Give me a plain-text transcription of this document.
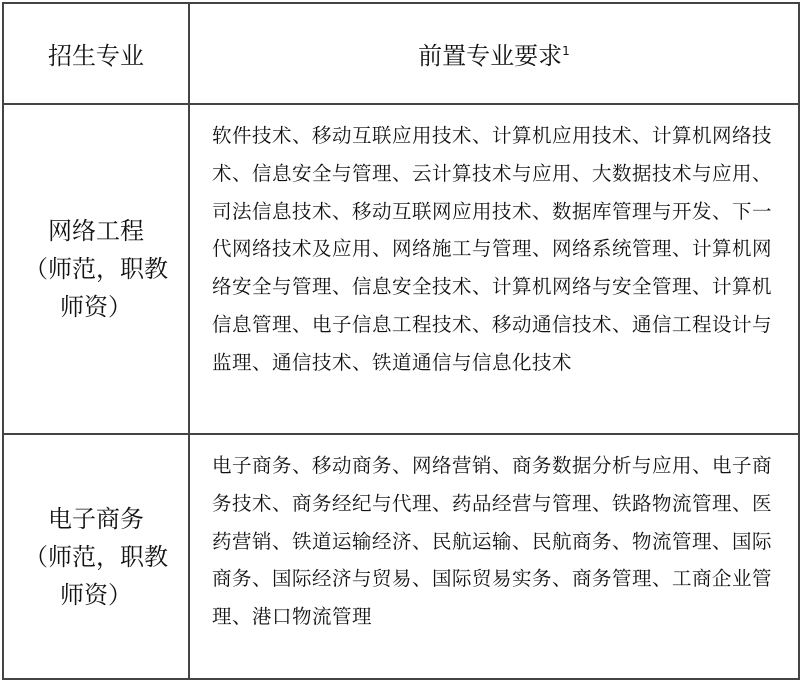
招生专业	前置专业要求$^1$

网络工程
（师范，职教
师资）	软件技术、移动互联应用技术、计算机应用技术、计算机网络技术、信息安全与管理、云计算技术与应用、大数据技术与应用、司法信息技术、移动互联网应用技术、数据库管理与开发、下一代网络技术及应用、网络施工与管理、网络系统管理、计算机网络安全与管理、信息安全技术、计算机网络与安全管理、计算机信息管理、电子信息工程技术、移动通信技术、通信工程设计与监理、通信技术、铁道通信与信息化技术

电子商务
（师范，职教
师资）	电子商务、移动商务、网络营销、商务数据分析与应用、电子商务技术、商务经纪与代理、药品经营与管理、铁路物流管理、医药营销、铁道运输经济、民航运输、民航商务、物流管理、国际商务、国际经济与贸易、国际贸易实务、商务管理、工商企业管理、港口物流管理
